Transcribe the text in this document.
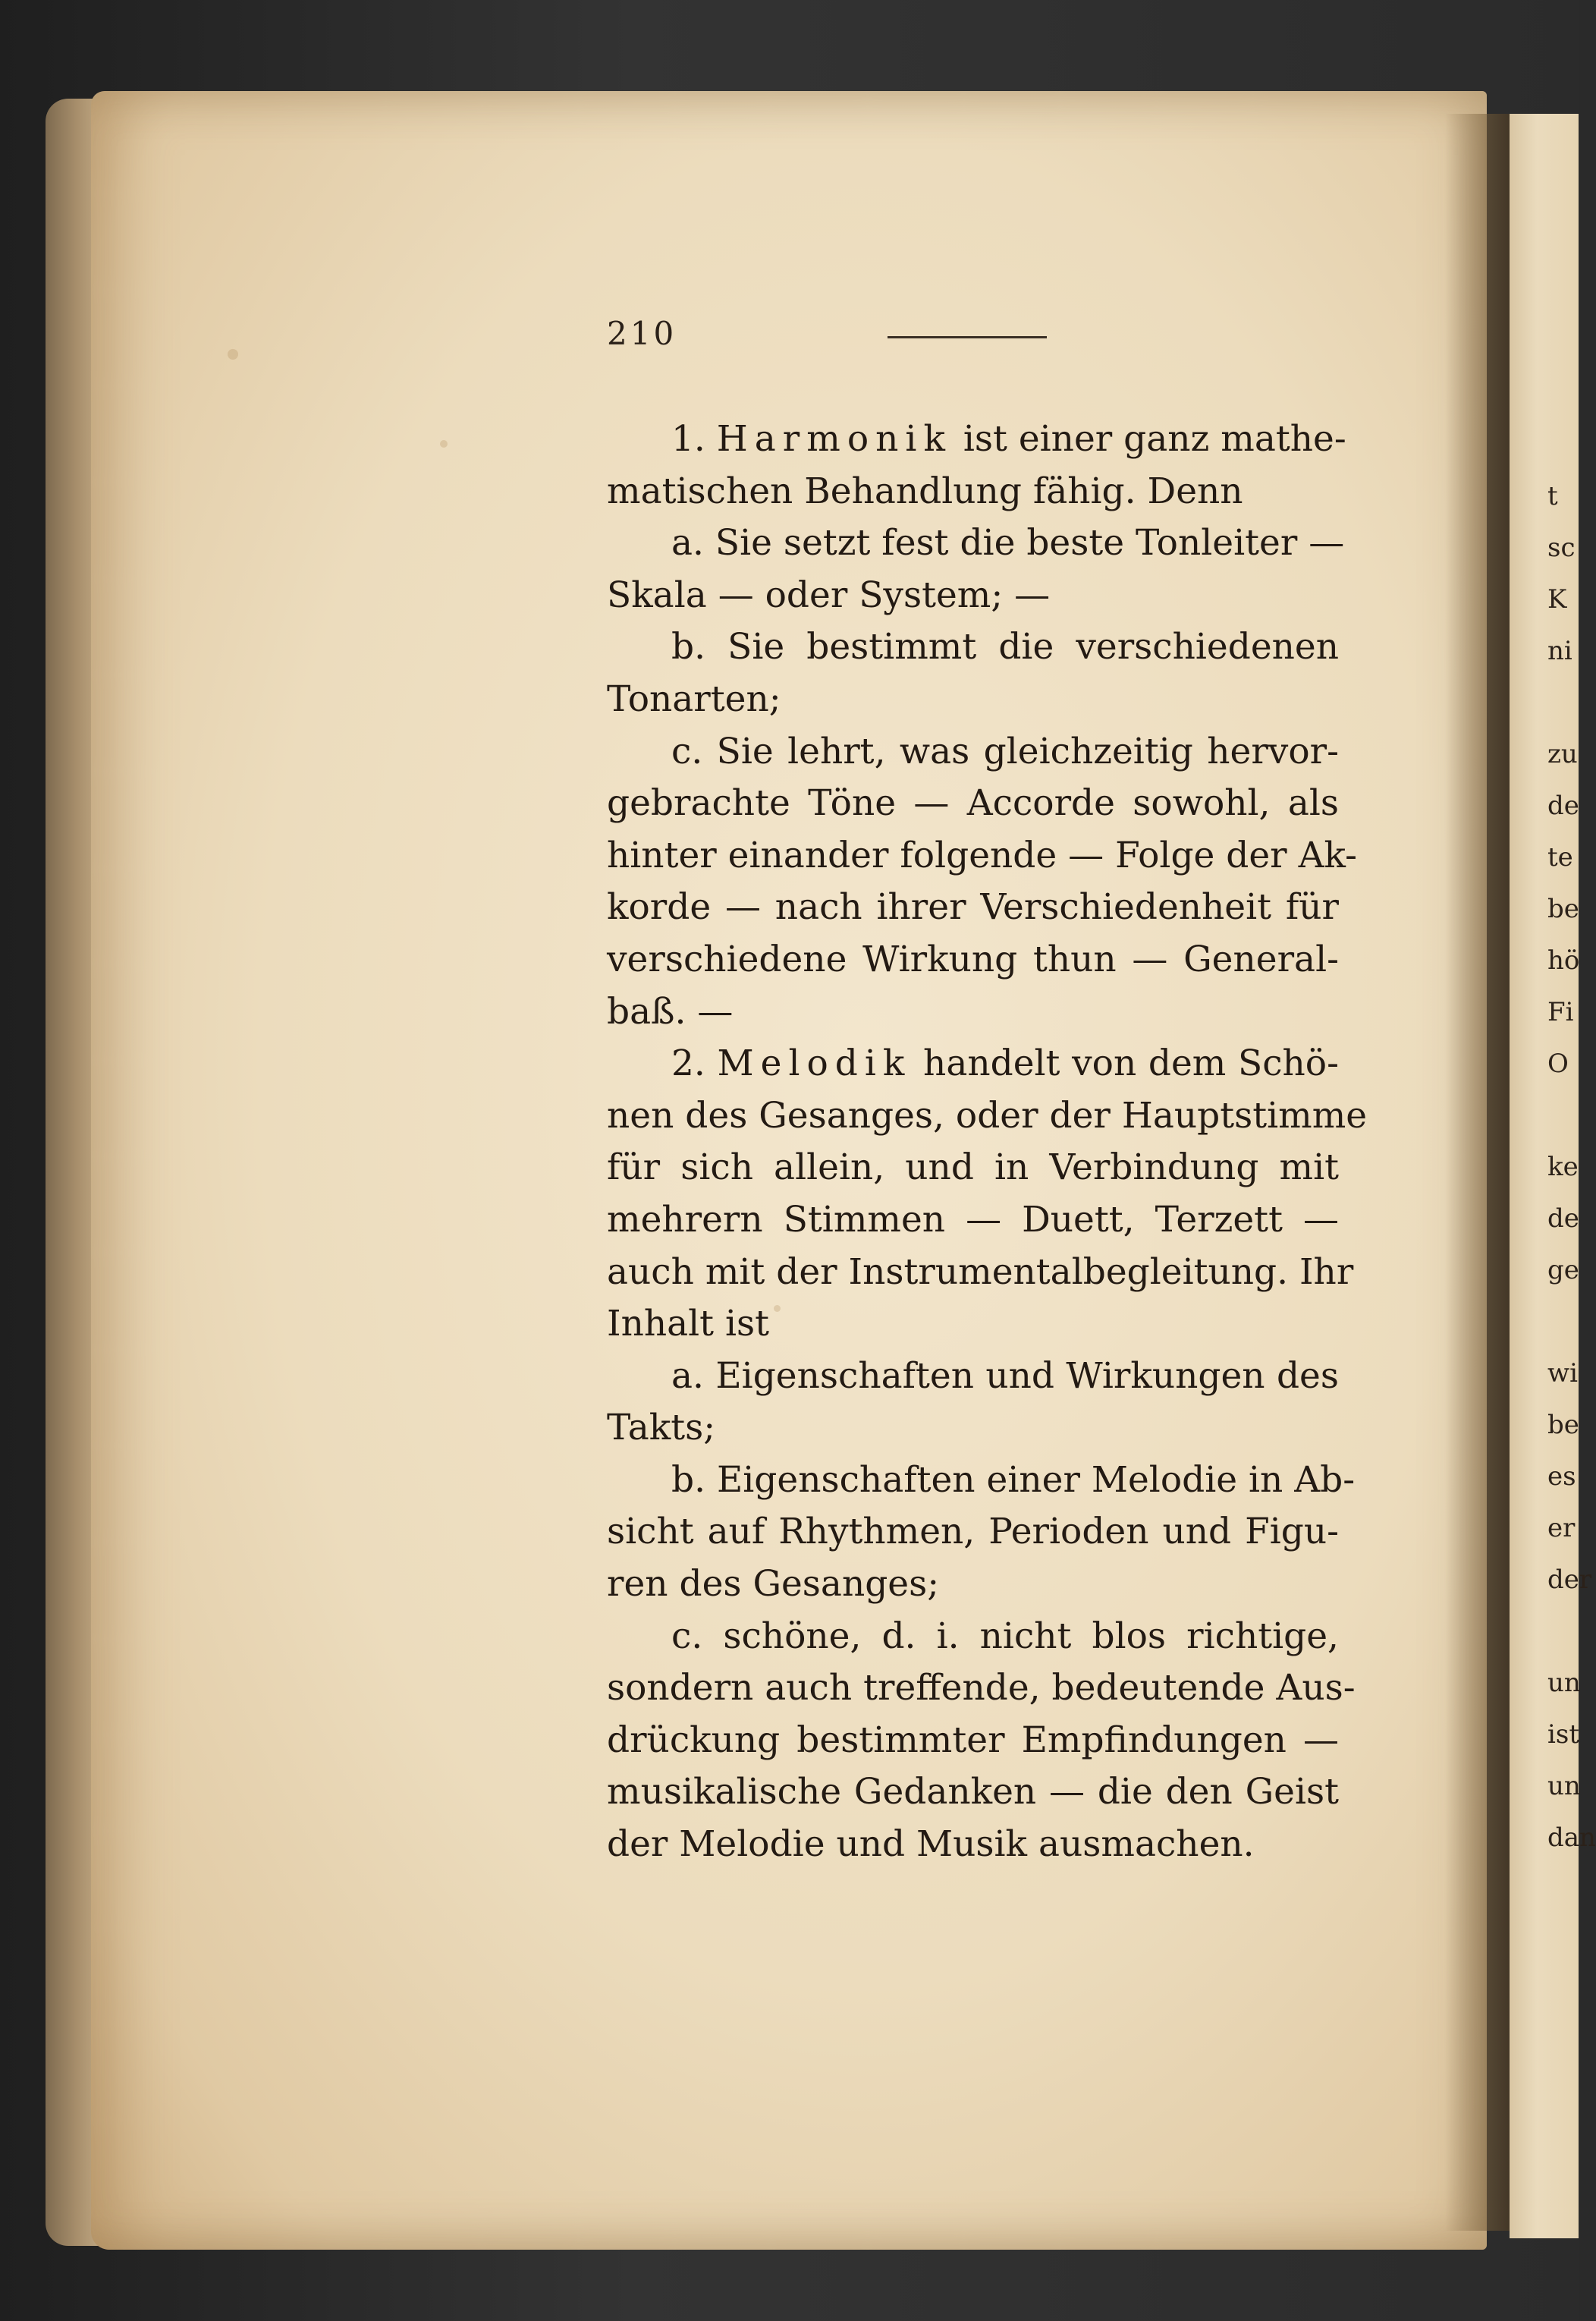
t
sc
K
ni
zu
de
te
be
hö
Fi
O
ke
de
ge
wi
be
es
er
der
un
ist
un
dan
210
1. Harmonik ist einer ganz mathe-
matischen Behandlung fähig. Denn
a. Sie setzt fest die beste Tonleiter —
Skala — oder System; —
b. Sie bestimmt die verschiedenen
Tonarten;
c. Sie lehrt, was gleichzeitig hervor-
gebrachte Töne — Accorde sowohl, als
hinter einander folgende — Folge der Ak-
korde — nach ihrer Verschiedenheit für
verschiedene Wirkung thun — General-
baß. —
2. Melodik handelt von dem Schö-
nen des Gesanges, oder der Hauptstimme
für sich allein, und in Verbindung mit
mehrern Stimmen — Duett, Terzett —
auch mit der Instrumentalbegleitung. Ihr
Inhalt ist
a. Eigenschaften und Wirkungen des
Takts;
b. Eigenschaften einer Melodie in Ab-
sicht auf Rhythmen, Perioden und Figu-
ren des Gesanges;
c. schöne, d. i. nicht blos richtige,
sondern auch treffende, bedeutende Aus-
drückung bestimmter Empfindungen —
musikalische Gedanken — die den Geist
der Melodie und Musik ausmachen.
